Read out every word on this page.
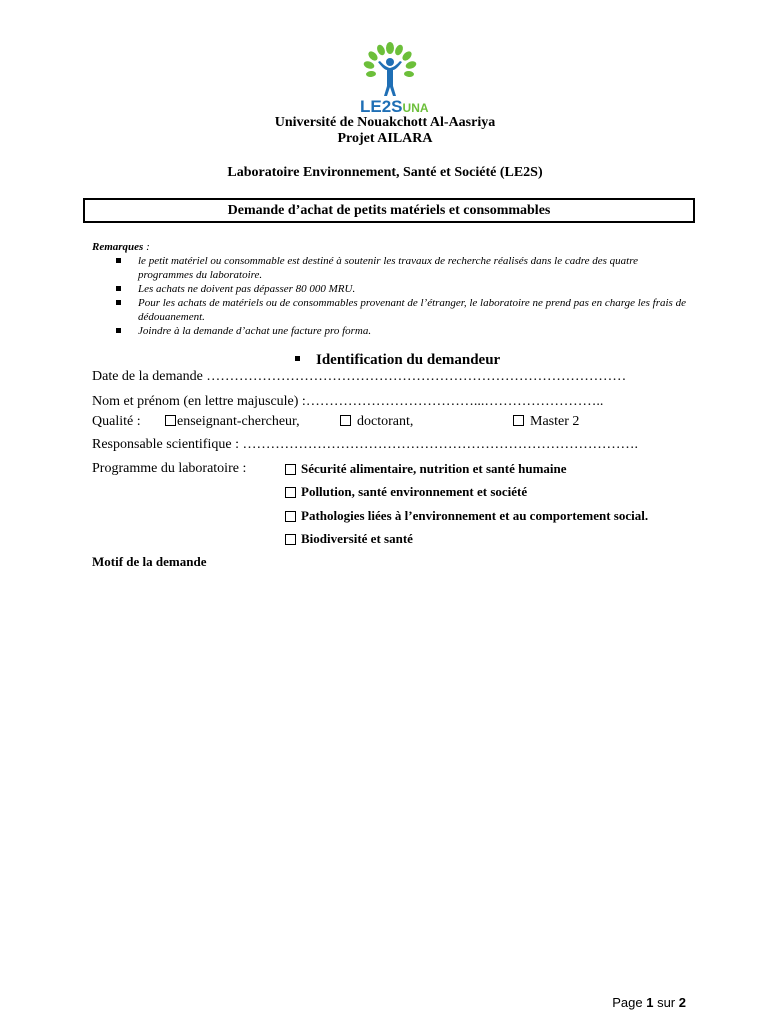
LE2SUNA
Université de Nouakchott Al-Aasriya
Projet AILARA
Laboratoire Environnement, Santé et Société (LE2S)
Demande d’achat de petits matériels et consommables
Remarques :
le petit matériel ou consommable est destiné à soutenir les travaux de recherche réalisés dans le cadre des quatre programmes du laboratoire.
Les achats ne doivent pas dépasser 80 000 MRU.
Pour les achats de matériels ou de consommables provenant de l’étranger, le laboratoire ne prend pas en charge les frais de dédouanement.
Joindre à la demande d’achat une facture pro forma.
Identification du demandeur
Date de la demande ………………………………………………………………………………
Nom et prénom (en lettre majuscule) :………………………………...……………………..
Qualité :	enseignant-chercheur,	doctorant,	Master 2
Responsable scientifique : ………………………………………………………………………….
Programme du laboratoire :	Sécurité alimentaire, nutrition et santé humaine
Pollution, santé environnement et société
Pathologies liées à l’environnement et au comportement social.
Biodiversité et santé
Motif de la demande
Page 1 sur 2
